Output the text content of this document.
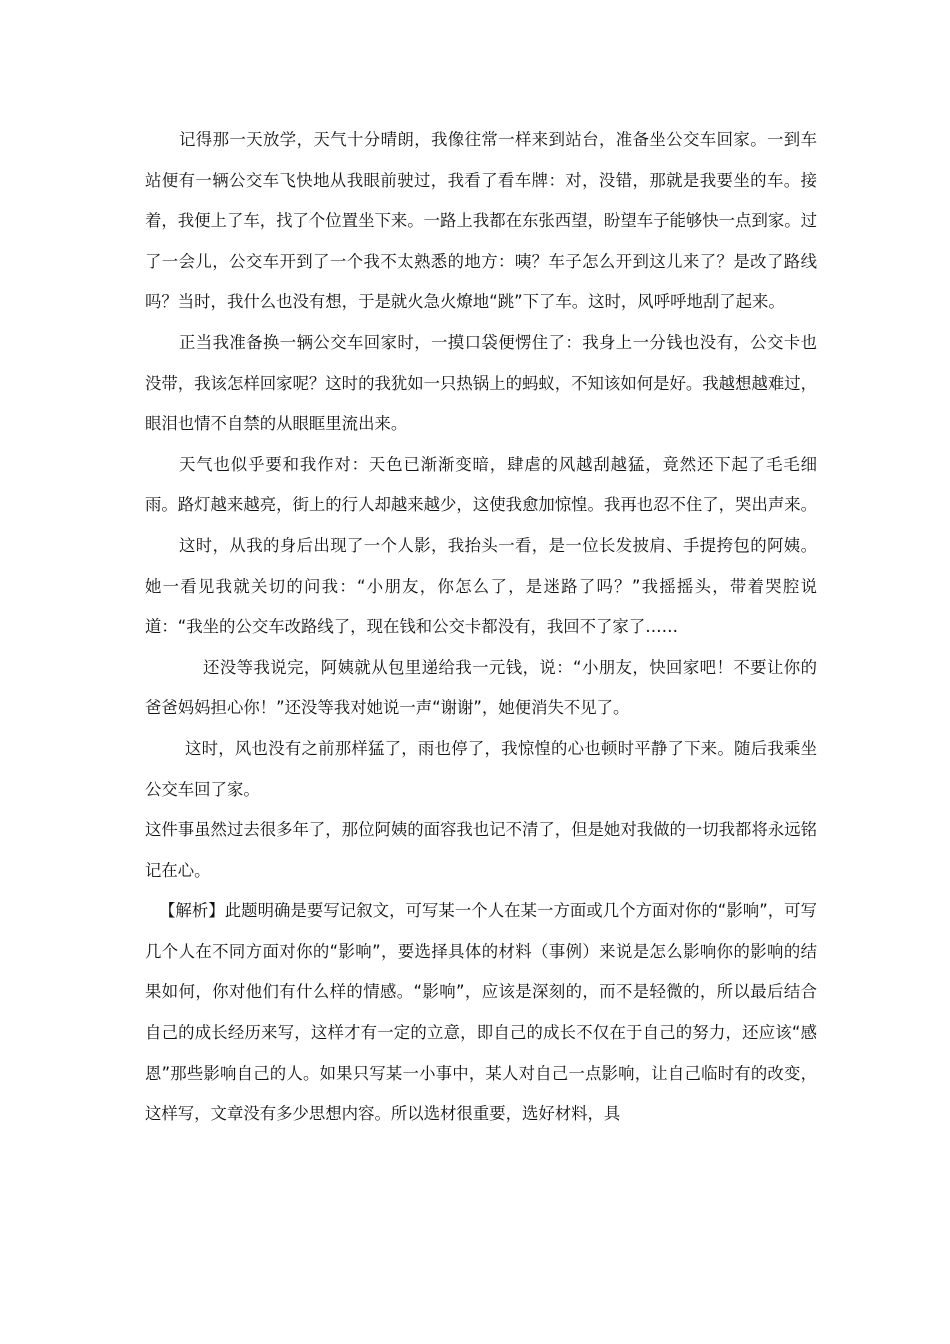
记得那一天放学，天气十分晴朗，我像往常一样来到站台，准备坐公交车回家。一到车站便有一辆公交车飞快地从我眼前驶过，我看了看车牌：对，没错，那就是我要坐的车。接着，我便上了车，找了个位置坐下来。一路上我都在东张西望，盼望车子能够快一点到家。过了一会儿，公交车开到了一个我不太熟悉的地方：咦？车子怎么开到这儿来了？是改了路线吗？当时，我什么也没有想，于是就火急火燎地“跳”下了车。这时，风呼呼地刮了起来。

正当我准备换一辆公交车回家时，一摸口袋便愣住了：我身上一分钱也没有，公交卡也没带，我该怎样回家呢？这时的我犹如一只热锅上的蚂蚁，不知该如何是好。我越想越难过，眼泪也情不自禁的从眼眶里流出来。

天气也似乎要和我作对：天色已渐渐变暗，肆虐的风越刮越猛，竟然还下起了毛毛细雨。路灯越来越亮，街上的行人却越来越少，这使我愈加惊惶。我再也忍不住了，哭出声来。

这时，从我的身后出现了一个人影，我抬头一看，是一位长发披肩、手提挎包的阿姨。她一看见我就关切的问我：“小朋友，你怎么了，是迷路了吗？”我摇摇头，带着哭腔说道：“我坐的公交车改路线了，现在钱和公交卡都没有，我回不了家了……

还没等我说完，阿姨就从包里递给我一元钱，说：“小朋友，快回家吧！不要让你的爸爸妈妈担心你！”还没等我对她说一声“谢谢”，她便消失不见了。

这时，风也没有之前那样猛了，雨也停了，我惊惶的心也顿时平静了下来。随后我乘坐公交车回了家。

这件事虽然过去很多年了，那位阿姨的面容我也记不清了，但是她对我做的一切我都将永远铭记在心。

【解析】此题明确是要写记叙文，可写某一个人在某一方面或几个方面对你的“影响”，可写几个人在不同方面对你的“影响”，要选择具体的材料（事例）来说是怎么影响你的影响的结果如何，你对他们有什么样的情感。“影响”，应该是深刻的，而不是轻微的，所以最后结合自己的成长经历来写，这样才有一定的立意，即自己的成长不仅在于自己的努力，还应该“感恩”那些影响自己的人。如果只写某一小事中，某人对自己一点影响，让自己临时有的改变，这样写，文章没有多少思想内容。所以选材很重要，选好材料，具
